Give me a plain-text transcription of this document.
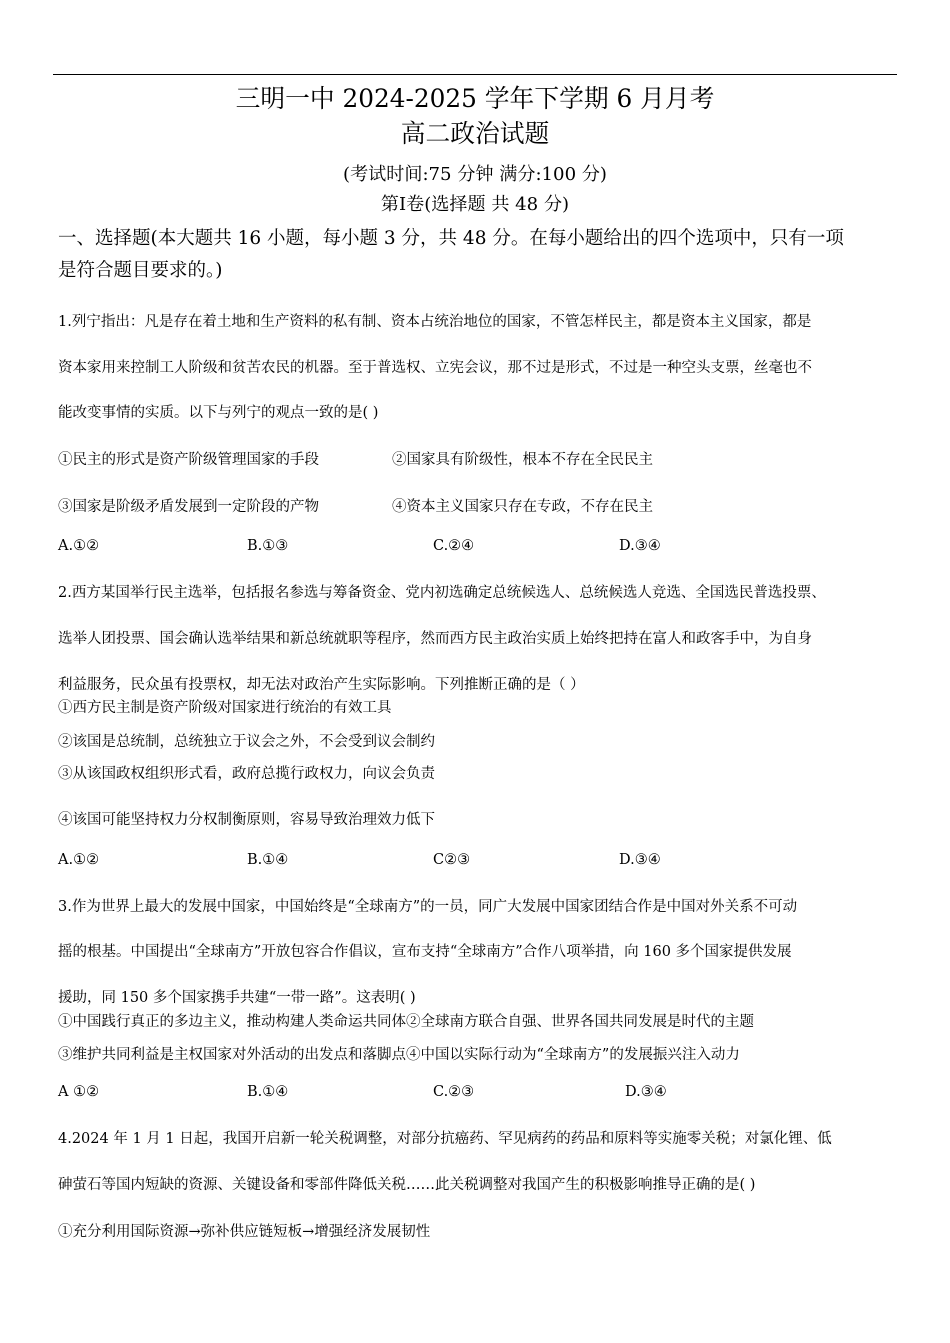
三明一中 2024-2025 学年下学期 6 月月考
高二政治试题
(考试时间:75 分钟 满分:100 分)
第Ⅰ卷(选择题 共 48 分)
一、选择题(本大题共 16 小题，每小题 3 分，共 48 分。在每小题给出的四个选项中，只有一项
是符合题目要求的。)
1.列宁指出：凡是存在着土地和生产资料的私有制、资本占统治地位的国家，不管怎样民主，都是资本主义国家，都是
资本家用来控制工人阶级和贫苦农民的机器。至于普选权、立宪会议，那不过是形式，不过是一种空头支票，丝毫也不
能改变事情的实质。以下与列宁的观点一致的是( )
①民主的形式是资产阶级管理国家的手段	②国家具有阶级性，根本不存在全民民主
③国家是阶级矛盾发展到一定阶段的产物	④资本主义国家只存在专政，不存在民主
A.①②	B.①③	C.②④	D.③④
2.西方某国举行民主选举，包括报名参选与筹备资金、党内初选确定总统候选人、总统候选人竞选、全国选民普选投票、
选举人团投票、国会确认选举结果和新总统就职等程序，然而西方民主政治实质上始终把持在富人和政客手中，为自身
利益服务，民众虽有投票权，却无法对政治产生实际影响。下列推断正确的是（ ）
①西方民主制是资产阶级对国家进行统治的有效工具
②该国是总统制，总统独立于议会之外，不会受到议会制约
③从该国政权组织形式看，政府总揽行政权力，向议会负责
④该国可能坚持权力分权制衡原则，容易导致治理效力低下
A.①②	B.①④	C②③	D.③④
3.作为世界上最大的发展中国家，中国始终是“全球南方”的一员，同广大发展中国家团结合作是中国对外关系不可动
摇的根基。中国提出“全球南方”开放包容合作倡议，宣布支持“全球南方”合作八项举措，向 160 多个国家提供发展
援助，同 150 多个国家携手共建“一带一路”。这表明( )
①中国践行真正的多边主义，推动构建人类命运共同体②全球南方联合自强、世界各国共同发展是时代的主题
③维护共同利益是主权国家对外活动的出发点和落脚点④中国以实际行动为“全球南方”的发展振兴注入动力
A ①②	B.①④	C.②③	D.③④
4.2024 年 1 月 1 日起，我国开启新一轮关税调整，对部分抗癌药、罕见病药的药品和原料等实施零关税；对氯化锂、低
砷萤石等国内短缺的资源、关键设备和零部件降低关税……此关税调整对我国产生的积极影响推导正确的是( )
①充分利用国际资源→弥补供应链短板→增强经济发展韧性
